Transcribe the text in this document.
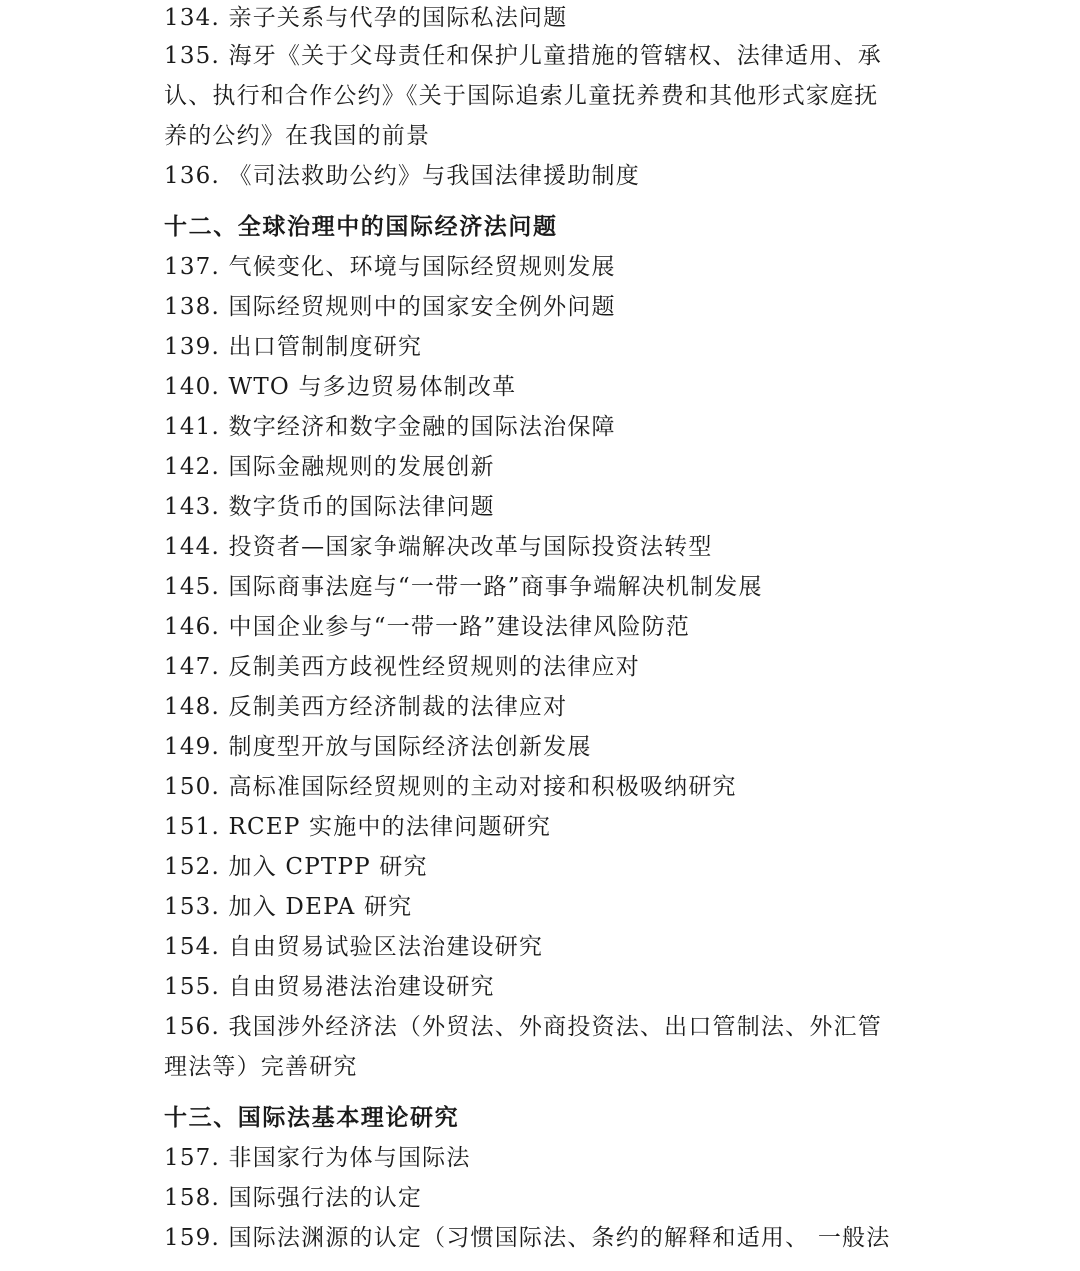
134. 亲子关系与代孕的国际私法问题
135. 海牙《关于父母责任和保护儿童措施的管辖权、法律适用、承
认、执行和合作公约》《关于国际追索儿童抚养费和其他形式家庭抚
养的公约》在我国的前景
136. 《司法救助公约》与我国法律援助制度
十二、全球治理中的国际经济法问题
137. 气候变化、环境与国际经贸规则发展
138. 国际经贸规则中的国家安全例外问题
139. 出口管制制度研究
140. WTO 与多边贸易体制改革
141. 数字经济和数字金融的国际法治保障
142. 国际金融规则的发展创新
143. 数字货币的国际法律问题
144. 投资者—国家争端解决改革与国际投资法转型
145. 国际商事法庭与“一带一路”商事争端解决机制发展
146. 中国企业参与“一带一路”建设法律风险防范
147. 反制美西方歧视性经贸规则的法律应对
148. 反制美西方经济制裁的法律应对
149. 制度型开放与国际经济法创新发展
150. 高标准国际经贸规则的主动对接和积极吸纳研究
151. RCEP 实施中的法律问题研究
152. 加入 CPTPP 研究
153. 加入 DEPA 研究
154. 自由贸易试验区法治建设研究
155. 自由贸易港法治建设研究
156. 我国涉外经济法（外贸法、外商投资法、出口管制法、外汇管
理法等）完善研究
十三、国际法基本理论研究
157. 非国家行为体与国际法
158. 国际强行法的认定
159. 国际法渊源的认定（习惯国际法、条约的解释和适用、 一般法
